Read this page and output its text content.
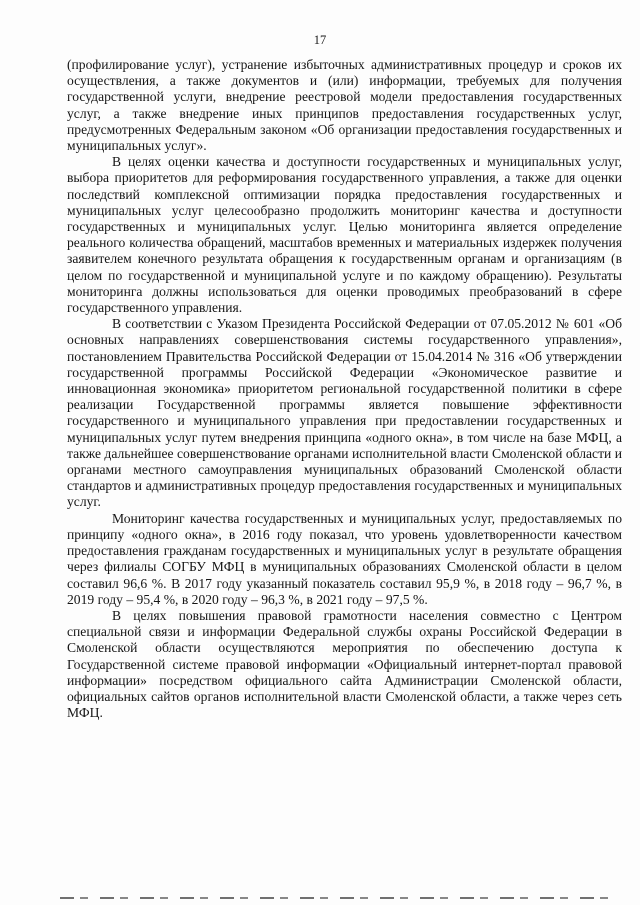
17

(профилирование услуг), устранение избыточных административных процедур и сроков их осуществления, а также документов и (или) информации, требуемых для получения государственной услуги, внедрение реестровой модели предоставления государственных услуг, а также внедрение иных принципов предоставления государственных услуг, предусмотренных Федеральным законом «Об организации предоставления государственных и муниципальных услуг».

В целях оценки качества и доступности государственных и муниципальных услуг, выбора приоритетов для реформирования государственного управления, а также для оценки последствий комплексной оптимизации порядка предоставления государственных и муниципальных услуг целесообразно продолжить мониторинг качества и доступности государственных и муниципальных услуг. Целью мониторинга является определение реального количества обращений, масштабов временных и материальных издержек получения заявителем конечного результата обращения к государственным органам и организациям (в целом по государственной и муниципальной услуге и по каждому обращению). Результаты мониторинга должны использоваться для оценки проводимых преобразований в сфере государственного управления.

В соответствии с Указом Президента Российской Федерации от 07.05.2012 № 601 «Об основных направлениях совершенствования системы государственного управления», постановлением Правительства Российской Федерации от 15.04.2014 № 316 «Об утверждении государственной программы Российской Федерации «Экономическое развитие и инновационная экономика» приоритетом региональной государственной политики в сфере реализации Государственной программы является повышение эффективности государственного и муниципального управления при предоставлении государственных и муниципальных услуг путем внедрения принципа «одного окна», в том числе на базе МФЦ, а также дальнейшее совершенствование органами исполнительной власти Смоленской области и органами местного самоуправления муниципальных образований Смоленской области стандартов и административных процедур предоставления государственных и муниципальных услуг.

Мониторинг качества государственных и муниципальных услуг, предоставляемых по принципу «одного окна», в 2016 году показал, что уровень удовлетворенности качеством предоставления гражданам государственных и муниципальных услуг в результате обращения через филиалы СОГБУ МФЦ в муниципальных образованиях Смоленской области в целом составил 96,6 %. В 2017 году указанный показатель составил 95,9 %, в 2018 году – 96,7 %, в 2019 году – 95,4 %, в 2020 году – 96,3 %, в 2021 году – 97,5 %.

В целях повышения правовой грамотности населения совместно с Центром специальной связи и информации Федеральной службы охраны Российской Федерации в Смоленской области осуществляются мероприятия по обеспечению доступа к Государственной системе правовой информации «Официальный интернет-портал правовой информации» посредством официального сайта Администрации Смоленской области, официальных сайтов органов исполнительной власти Смоленской области, а также через сеть МФЦ.
